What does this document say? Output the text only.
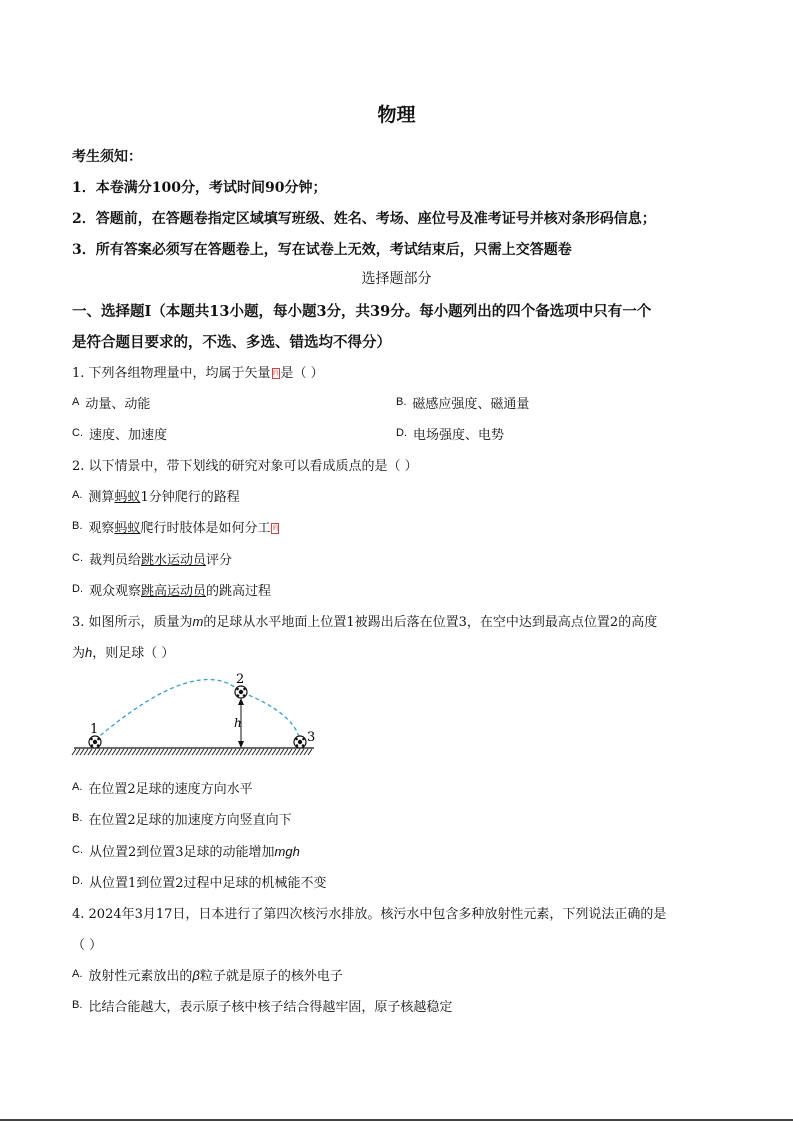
物理
考生须知：
1．本卷满分100分，考试时间90分钟；
2．答题前，在答题卷指定区域填写班级、姓名、考场、座位号及准考证号并核对条形码信息；
3．所有答案必须写在答题卷上，写在试卷上无效，考试结束后，只需上交答题卷
选择题部分
一、选择题Ⅰ（本题共13小题，每小题3分，共39分。每小题列出的四个备选项中只有一个
是符合题目要求的，不选、多选、错选均不得分）
1. 下列各组物理量中，均属于矢量 的 是（ ）
$^A$ 动量、动能	$^{B.}$ 磁感应强度、磁通量
$^{C.}$ 速度、加速度	$^{D.}$ 电场强度、电势
2. 以下情景中，带下划线的研究对象可以看成质点的是（ ）
$^{A.}$ 测算蚂蚁1分钟爬行的路程
$^{B.}$ 观察蚂蚁爬行时肢体是如何分工 的
$^{C.}$ 裁判员给跳水运动员评分
$^{D.}$ 观众观察跳高运动员的跳高过程
3. 如图所示，质量为m的足球从水平地面上位置1被踢出后落在位置3，在空中达到最高点位置2的高度
为h，则足球（ ）
h
1
2
3
$^{A.}$ 在位置2足球的速度方向水平
$^{B.}$ 在位置2足球的加速度方向竖直向下
$^{C.}$ 从位置2到位置3足球的动能增加mgh
$^{D.}$ 从位置1到位置2过程中足球的机械能不变
4. 2024年3月17日，日本进行了第四次核污水排放。核污水中包含多种放射性元素，下列说法正确的是
（ ）
$^{A.}$ 放射性元素放出的β粒子就是原子的核外电子
$^{B.}$ 比结合能越大，表示原子核中核子结合得越牢固，原子核越稳定
